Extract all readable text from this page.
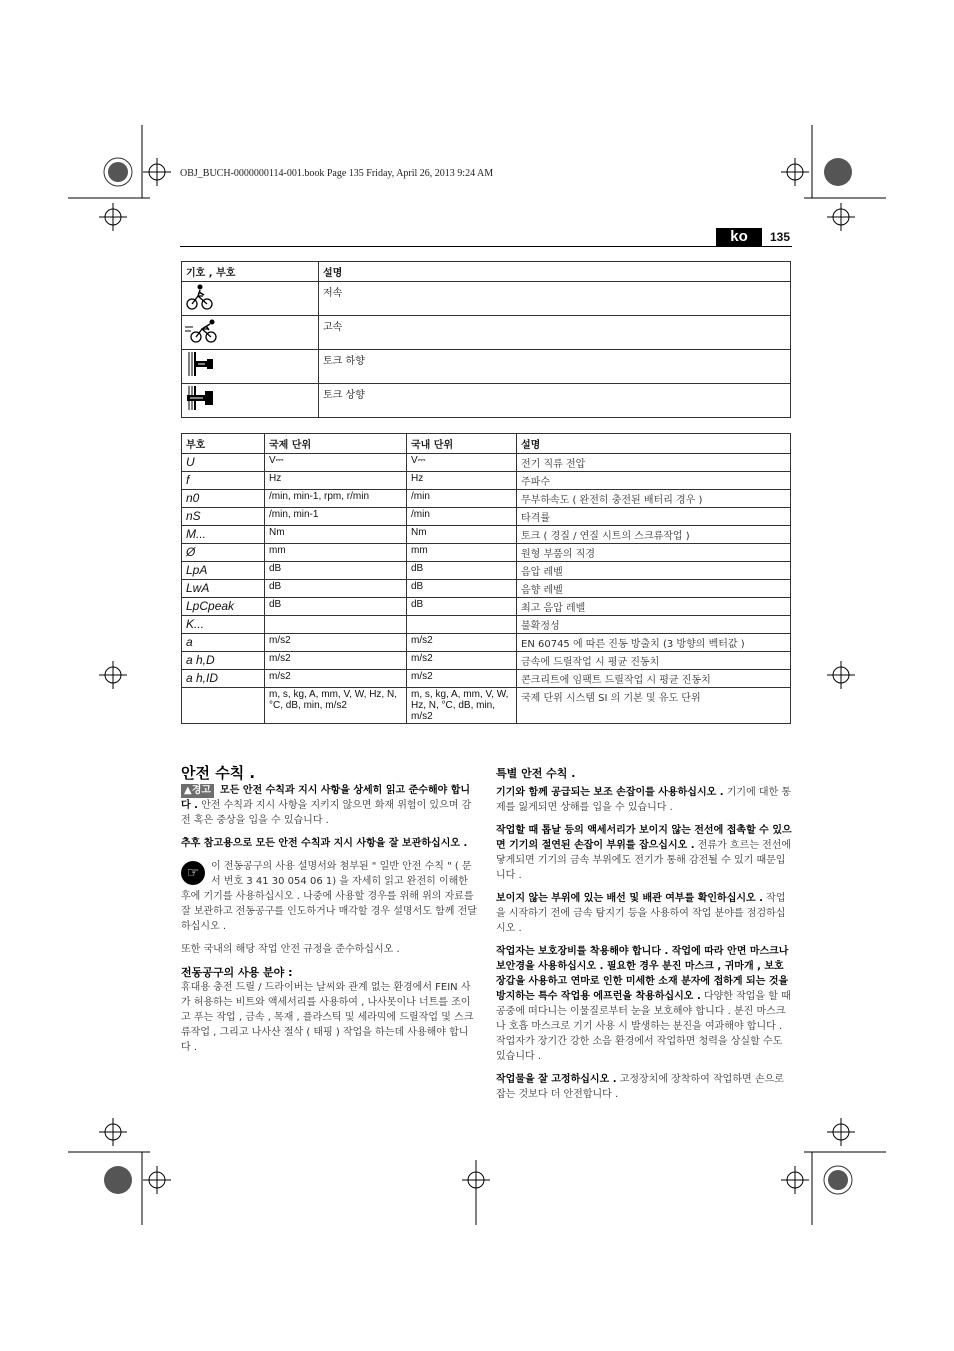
OBJ_BUCH-0000000114-001.book Page 135 Friday, April 26, 2013 9:24 AM
ko	135
기호 , 부호	설명
	저속
	고속
	토크 하향
	토크 상향
부호	국제 단위	국내 단위	설명
U	V⎓	V⎓	전기 직류 전압
f	Hz	Hz	주파수
n0	/min, min-1, rpm, r/min	/min	무부하속도 ( 완전히 충전된 배터리 경우 )
nS	/min, min-1	/min	타격률
M...	Nm	Nm	토크 ( 경질 / 연질 시트의 스크류작업 )
Ø	mm	mm	원형 부품의 직경
LpA	dB	dB	음압 레벨
LwA	dB	dB	음향 레벨
LpCpeak	dB	dB	최고 음압 레벨
K...			불확정성
a	m/s2	m/s2	EN 60745 에 따른 진동 방출치 (3 방향의 벡터값 )
a h,D	m/s2	m/s2	금속에 드릴작업 시 평균 진동치
a h,ID	m/s2	m/s2	콘크리트에 임팩트 드릴작업 시 평균 진동치
	m, s, kg, A, mm, V, W, Hz, N, °C, dB, min, m/s2	m, s, kg, A, mm, V, W, Hz, N, °C, dB, min, m/s2	국제 단위 시스템 SI 의 기본 및 유도 단위
안전 수칙 .

▲경고 모든 안전 수칙과 지시 사항을 상세히 읽고 준수해야 합니다 . 안전 수칙과 지시 사항을 지키지 않으면 화재 위험이 있으며 감전 혹은 중상을 입을 수 있습니다 .

추후 참고용으로 모든 안전 수칙과 지시 사항을 잘 보관하십시오 .

☞	이 전동공구의 사용 설명서와 첨부된 " 일반 안전 수칙 " ( 문서 번호 3 41 30 054 06 1) 을 자세히 읽고 완전히 이해한 후에 기기를 사용하십시오 . 나중에 사용할 경우를 위해 위의 자료를 잘 보관하고 전동공구를 인도하거나 매각할 경우 설명서도 함께 전달하십시오 .

또한 국내의 해당 작업 안전 규정을 준수하십시오 .

전동공구의 사용 분야 :

휴대용 충전 드릴 / 드라이버는 날씨와 관계 없는 환경에서 FEIN 사가 허용하는 비트와 액세서리를 사용하여 , 나사못이나 너트를 조이고 푸는 작업 , 금속 , 목재 , 플라스틱 및 세라믹에 드릴작업 및 스크류작업 , 그리고 나사산 절삭 ( 태핑 ) 작업을 하는데 사용해야 합니다 .

특별 안전 수칙 .

기기와 함께 공급되는 보조 손잡이를 사용하십시오 . 기기에 대한 통제를 잃게되면 상해를 입을 수 있습니다 .

작업할 때 톱날 등의 액세서리가 보이지 않는 전선에 접촉할 수 있으면 기기의 절연된 손잡이 부위를 잡으십시오 . 전류가 흐르는 전선에 닿게되면 기기의 금속 부위에도 전기가 통해 감전될 수 있기 때문입니다 .

보이지 않는 부위에 있는 배선 및 배관 여부를 확인하십시오 . 작업을 시작하기 전에 금속 탐지기 등을 사용하여 작업 분야를 점검하십시오 .

작업자는 보호장비를 착용해야 합니다 . 작업에 따라 안면 마스크나 보안경을 사용하십시오 . 필요한 경우 분진 마스크 , 귀마개 , 보호장갑을 사용하고 연마로 인한 미세한 소재 분자에 접하게 되는 것을 방지하는 특수 작업용 에프런을 착용하십시오 . 다양한 작업을 할 때 공중에 떠다니는 이물질로부터 눈을 보호해야 합니다 . 분진 마스크나 호흡 마스크로 기기 사용 시 발생하는 분진을 여과해야 합니다 . 작업자가 장기간 강한 소음 환경에서 작업하면 청력을 상실할 수도 있습니다 .

작업물을 잘 고정하십시오 . 고정장치에 장착하여 작업하면 손으로 잡는 것보다 더 안전합니다 .
